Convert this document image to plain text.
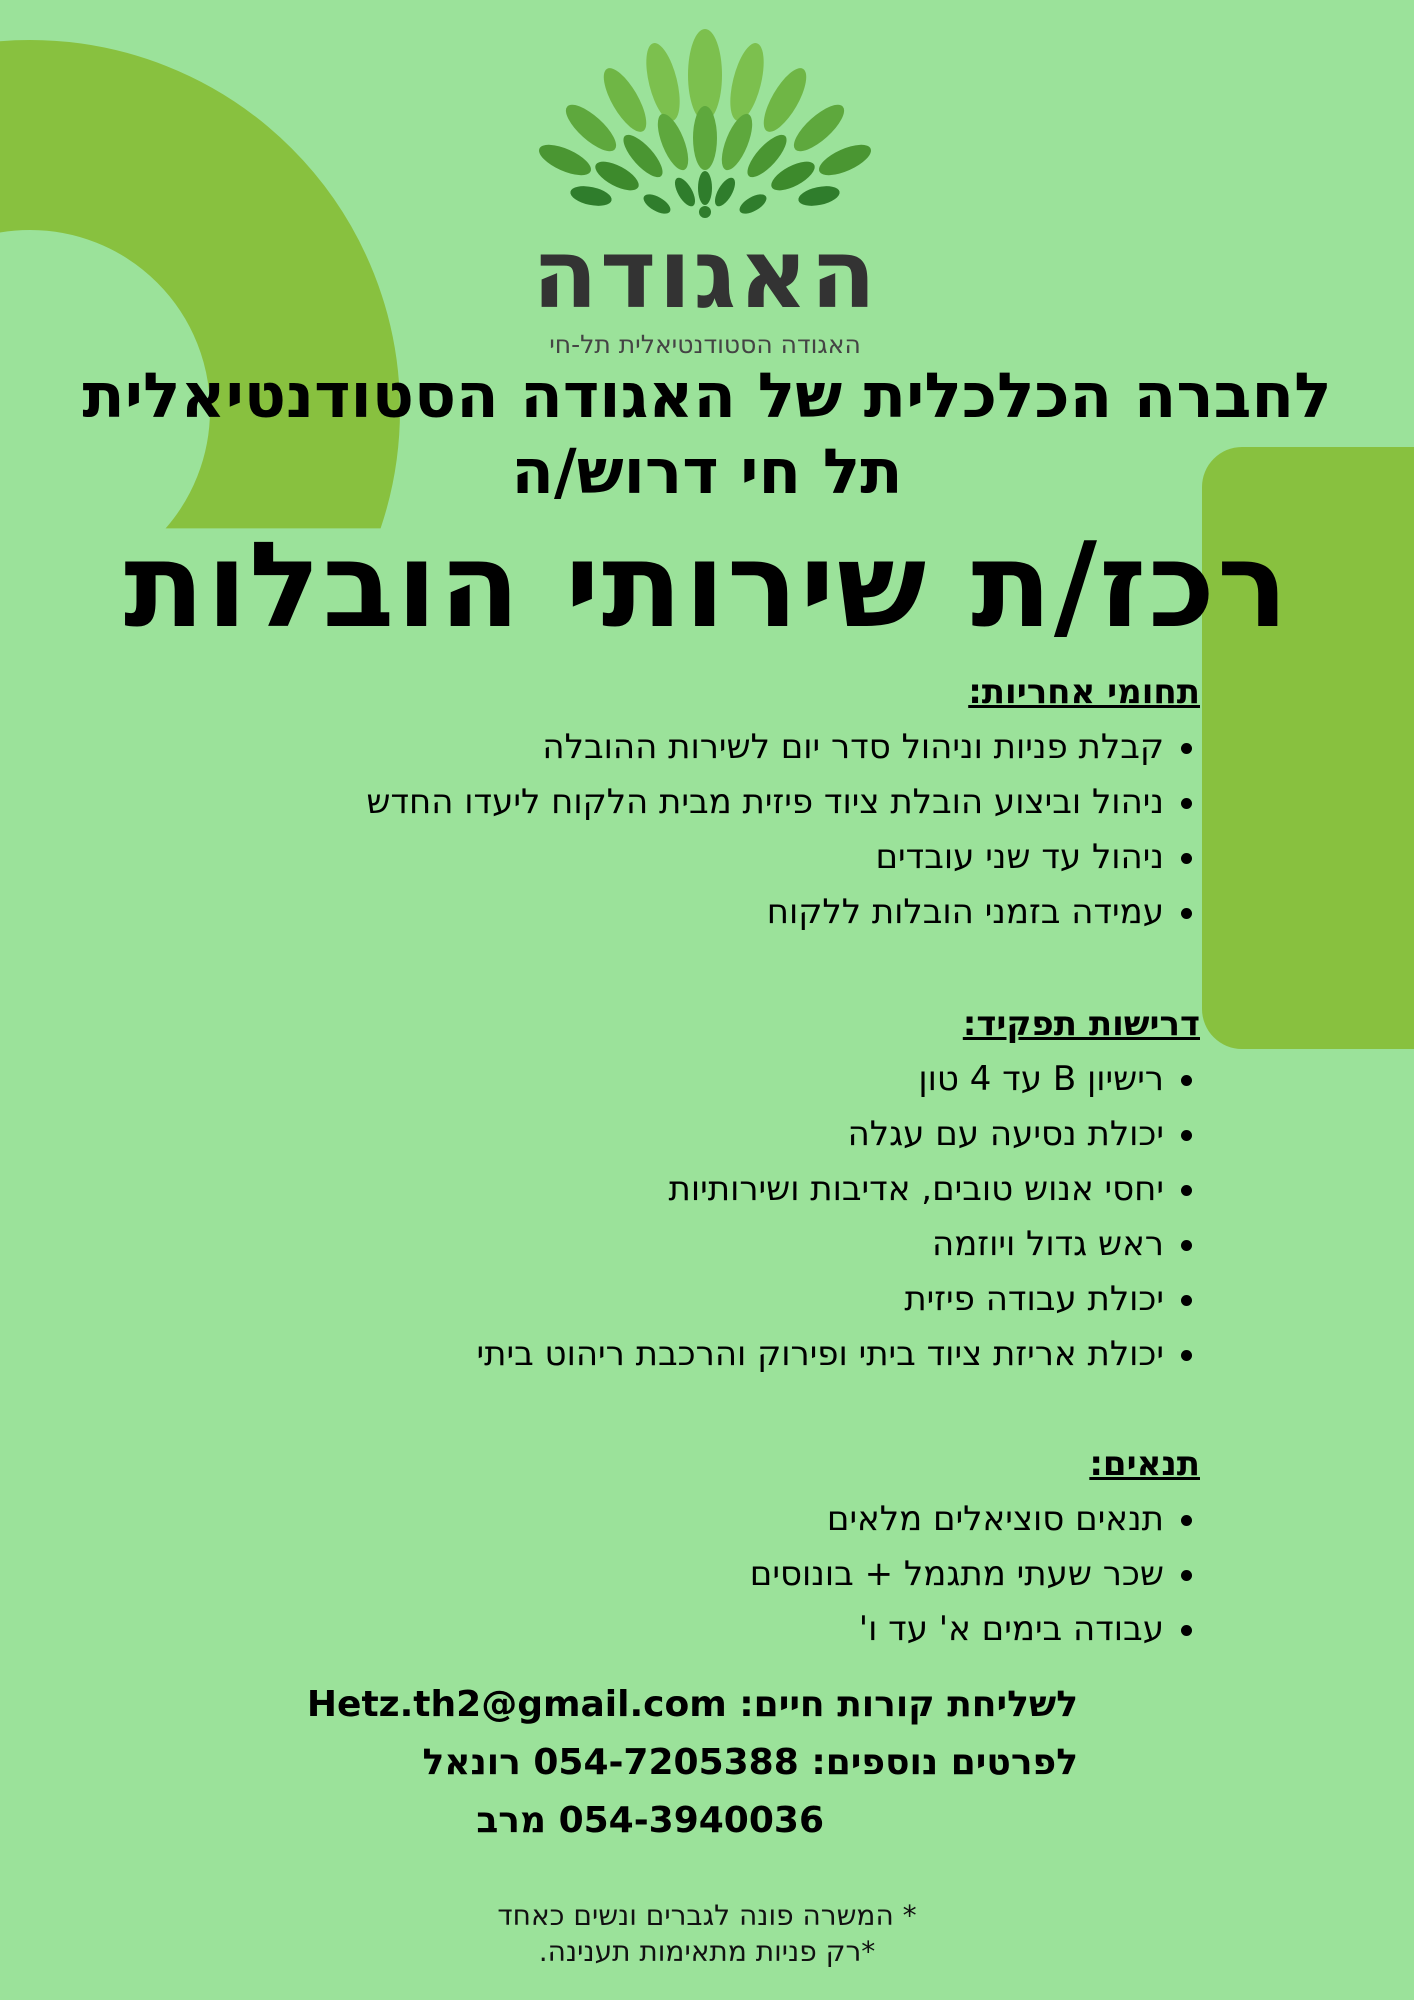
האגודה
האגודה הסטודנטיאלית תל-חי
לחברה הכלכלית של האגודה הסטודנטיאלית
תל חי דרוש/ה
רכז/ת שירותי הובלות
תחומי אחריות:
קבלת פניות וניהול סדר יום לשירות ההובלה
ניהול וביצוע הובלת ציוד פיזית מבית הלקוח ליעדו החדש
ניהול עד שני עובדים
עמידה בזמני הובלות ללקוח
דרישות תפקיד:
רישיון B עד 4 טון
יכולת נסיעה עם עגלה
יחסי אנוש טובים, אדיבות ושירותיות
ראש גדול ויוזמה
יכולת עבודה פיזית
יכולת אריזת ציוד ביתי ופירוק והרכבת ריהוט ביתי
תנאים:
תנאים סוציאלים מלאים
שכר שעתי מתגמל + בונוסים
עבודה בימים א' עד ו'
לשליחת קורות חיים: Hetz.th2@gmail.com
לפרטים נוספים: 054-7205388 רונאל
054-3940036 מרב
* המשרה פונה לגברים ונשים כאחד
*רק פניות מתאימות תענינה.
